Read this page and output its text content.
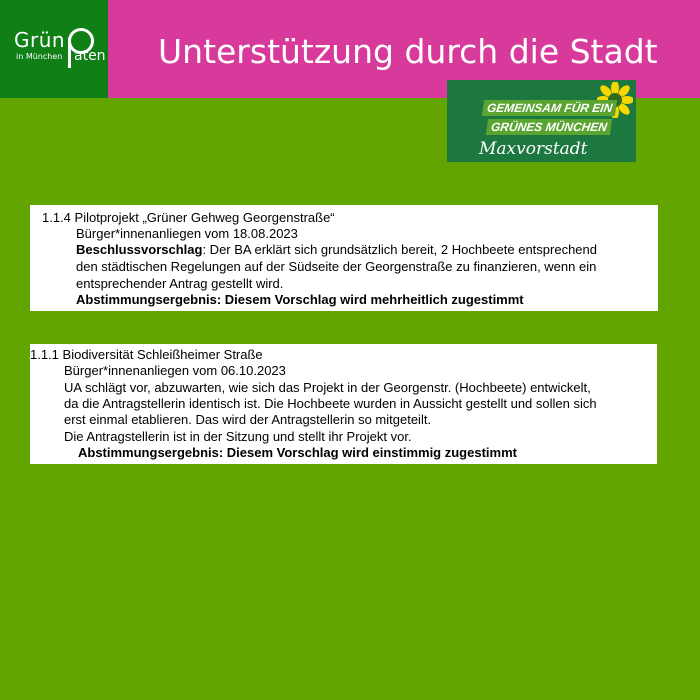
Grün
in München aten Unterstützung durch die Stadt
GEMEINSAM FÜR EIN
GRÜNES MÜNCHEN
Maxvorstadt
1.1.4 Pilotprojekt „Grüner Gehweg Georgenstraße“
Bürger*innenanliegen vom 18.08.2023
Beschlussvorschlag: Der BA erklärt sich grundsätzlich bereit, 2 Hochbeete entsprechend
den städtischen Regelungen auf der Südseite der Georgenstraße zu finanzieren, wenn ein
entsprechender Antrag gestellt wird.
Abstimmungsergebnis: Diesem Vorschlag wird mehrheitlich zugestimmt
1.1.1 Biodiversität Schleißheimer Straße
Bürger*innenanliegen vom 06.10.2023
UA schlägt vor, abzuwarten, wie sich das Projekt in der Georgenstr. (Hochbeete) entwickelt,
da die Antragstellerin identisch ist. Die Hochbeete wurden in Aussicht gestellt und sollen sich
erst einmal etablieren. Das wird der Antragstellerin so mitgeteilt.
Die Antragstellerin ist in der Sitzung und stellt ihr Projekt vor.
Abstimmungsergebnis: Diesem Vorschlag wird einstimmig zugestimmt
